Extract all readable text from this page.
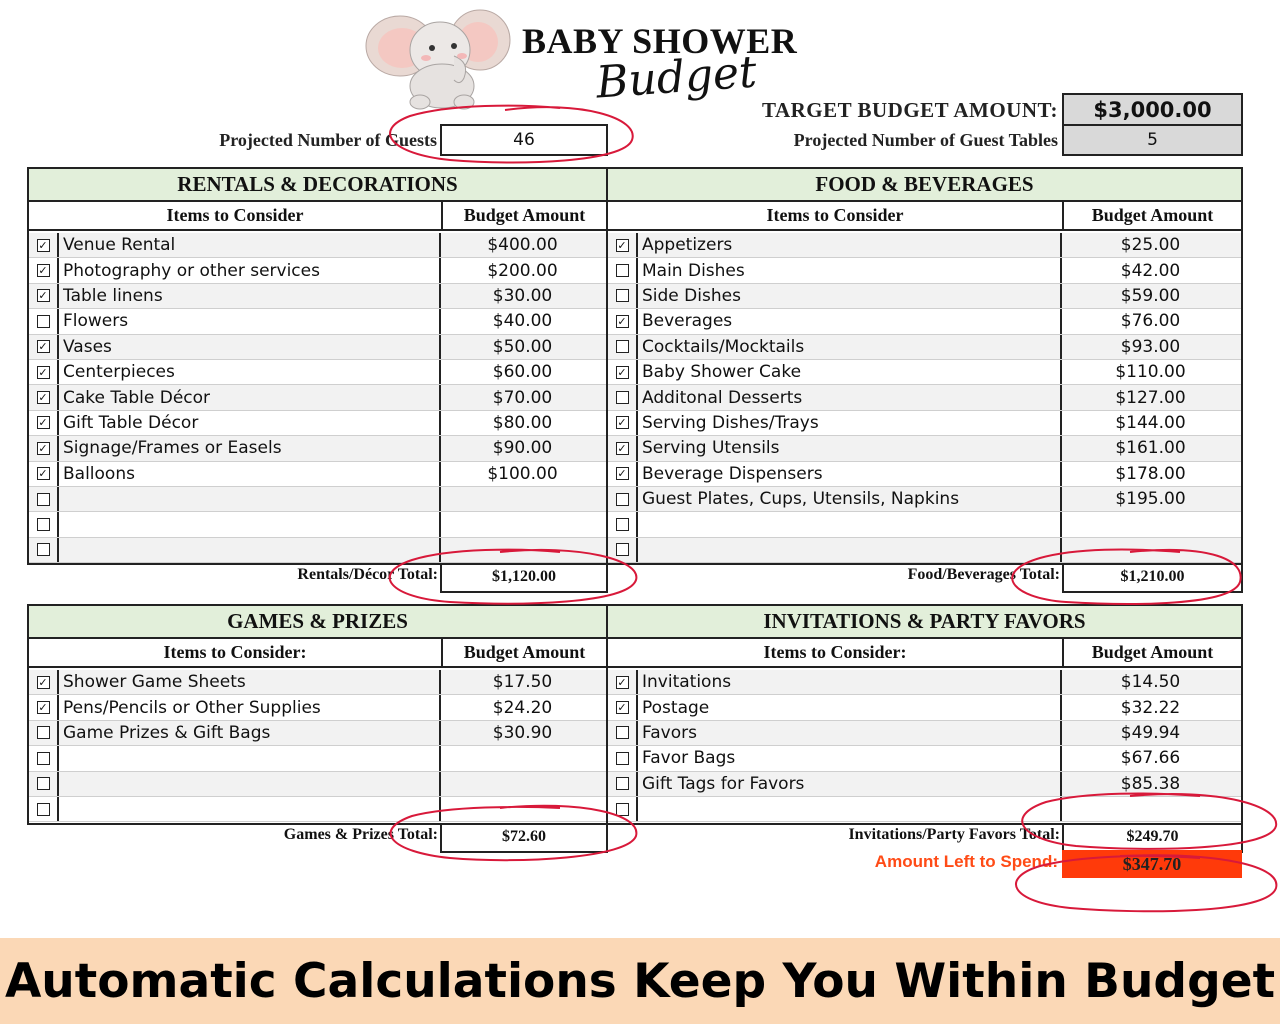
BABY SHOWER
Budget
TARGET BUDGET AMOUNT: $3,000.00
Projected Number of Guests	46	Projected Number of Guest Tables	5
RENTALS & DECORATIONS
Items to Consider	Budget Amount
✓ Venue Rental	$400.00
✓ Photography or other services	$200.00
✓ Table linens	$30.00
Flowers	$40.00
✓ Vases	$50.00
✓ Centerpieces	$60.00
✓ Cake Table Décor	$70.00
✓ Gift Table Décor	$80.00
✓ Signage/Frames or Easels	$90.00
✓ Balloons	$100.00
Rentals/Décor Total:	$1,120.00
FOOD & BEVERAGES
Items to Consider	Budget Amount
✓ Appetizers	$25.00
Main Dishes	$42.00
Side Dishes	$59.00
✓ Beverages	$76.00
Cocktails/Mocktails	$93.00
✓ Baby Shower Cake	$110.00
Additonal Desserts	$127.00
✓ Serving Dishes/Trays	$144.00
✓ Serving Utensils	$161.00
✓ Beverage Dispensers	$178.00
Guest Plates, Cups, Utensils, Napkins	$195.00
Food/Beverages Total:	$1,210.00
GAMES & PRIZES
Items to Consider:	Budget Amount
✓ Shower Game Sheets	$17.50
✓ Pens/Pencils or Other Supplies	$24.20
Game Prizes & Gift Bags	$30.90
Games & Prizes Total:	$72.60
INVITATIONS & PARTY FAVORS
Items to Consider:	Budget Amount
✓ Invitations	$14.50
✓ Postage	$32.22
Favors	$49.94
Favor Bags	$67.66
Gift Tags for Favors	$85.38
Invitations/Party Favors Total:	$249.70
Amount Left to Spend:	$347.70
Automatic Calculations Keep You Within Budget
